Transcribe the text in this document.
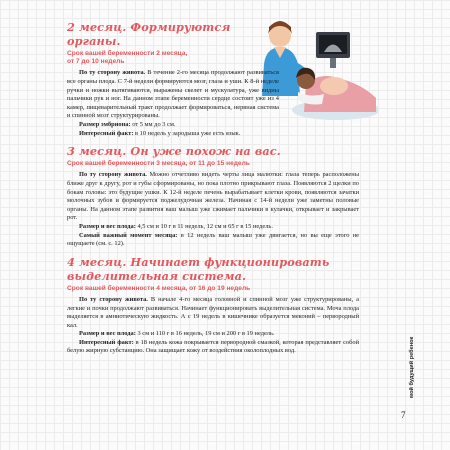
2 месяц. Формируются органы.
Срок вашей беременности 2 месяца,
от 7 до 10 недель

По ту сторону живота. В течение 2-го месяца продолжают развиваться все органы плода. С 7-й недели формируются мозг, глаза и уши. К 8-й неделе ручки и ножки вытягиваются, выражены скелет и мускулатура, уже видны пальчики рук и ног. На данном этапе беременности сердце состоит уже из 4 камер, пищеварительный тракт продолжает формироваться, нервная система и спинной мозг структурированы.

Размер эмбриона: от 5 мм до 3 см.

Интересный факт: в 10 недель у зародыша уже есть язык.

3 месяц. Он уже похож на вас.
Срок вашей беременности 3 месяца, от 11 до 15 недель

По ту сторону живота. Можно отчетливо видеть черты лица малютки: глаза теперь расположены ближе друг к другу, рот и губы сформированы, но пока плотно прикрывают глаза. Появляются 2 щелки по бокам головы: это будущие ушки. К 12-й неделе печень вырабатывает клетки крови, появляются зачатки молочных зубов и формируется поджелудочная железа. Начиная с 14-й недели уже заметны половые органы. На данном этапе развития ваш малыш уже сжимает пальчики в кулачки, открывает и закрывает рот.

Размер и вес плода: 4,5 см и 10 г в 11 недель, 12 см и 65 г в 15 недель.

Самый важный момент месяца: в 12 недель ваш малыш уже двигается, но вы еще этого не ощущаете (см. с. 12).

4 месяц. Начинает функционировать выделительная система.
Срок вашей беременности 4 месяца, от 16 до 19 недель

По ту сторону живота. В начале 4-го месяца головной и спинной мозг уже структурированы, а легкие и почки продолжают развиваться. Начинает функционировать выделительная система. Моча плода выделяется в амниотическую жидкость. А с 19 недель в кишечнике образуется меконий – первородный кал.

Размер и вес плода: 3 см и 110 г в 16 недель, 19 см и 200 г в 19 недель.

Интересный факт: в 18 недель кожа покрывается первородной смазкой, которая представляет собой белую жирную субстанцию. Она защищает кожу от воздействия околоплодных вод.	мой будущий ребенок
7
